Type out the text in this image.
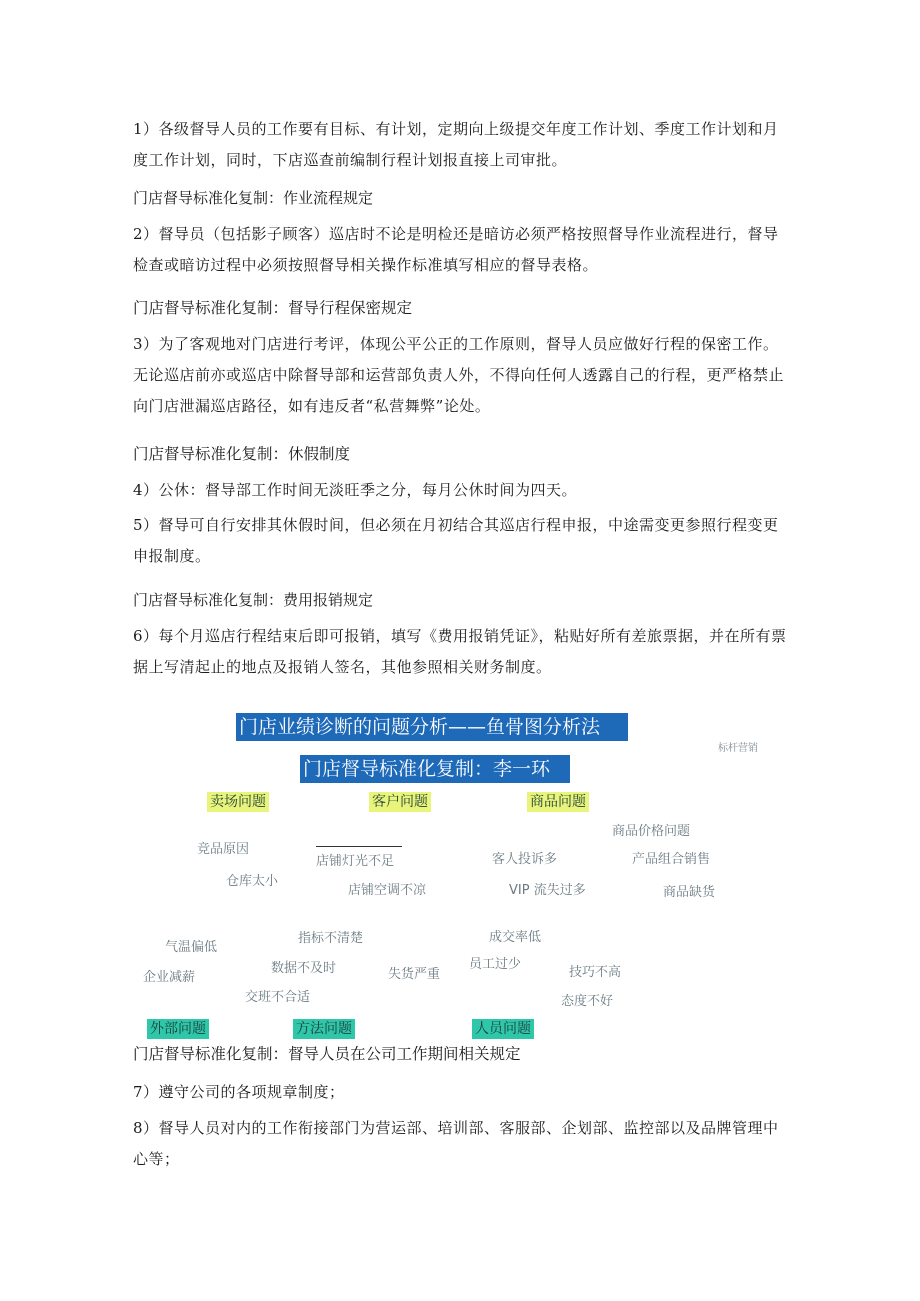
1）各级督导人员的工作要有目标、有计划，定期向上级提交年度工作计划、季度工作计划和月度工作计划，同时，下店巡查前编制行程计划报直接上司审批。

门店督导标准化复制：作业流程规定

2）督导员（包括影子顾客）巡店时不论是明检还是暗访必须严格按照督导作业流程进行，督导检查或暗访过程中必须按照督导相关操作标准填写相应的督导表格。

门店督导标准化复制：督导行程保密规定

3）为了客观地对门店进行考评，体现公平公正的工作原则，督导人员应做好行程的保密工作。无论巡店前亦或巡店中除督导部和运营部负责人外，不得向任何人透露自己的行程，更严格禁止向门店泄漏巡店路径，如有违反者“私营舞弊”论处。

门店督导标准化复制：休假制度

4）公休：督导部工作时间无淡旺季之分，每月公休时间为四天。

5）督导可自行安排其休假时间，但必须在月初结合其巡店行程申报，中途需变更参照行程变更申报制度。

门店督导标准化复制：费用报销规定

6）每个月巡店行程结束后即可报销，填写《费用报销凭证》，粘贴好所有差旅票据，并在所有票据上写清起止的地点及报销人签名，其他参照相关财务制度。

门店业绩诊断的问题分析——鱼骨图分析法
门店督导标准化复制：李一环
标杆营销
卖场问题	客户问题	商品问题
商品价格问题
竞品原因
店铺灯光不足	客人投诉多	产品组合销售
仓库太小
店铺空调不凉	VIP 流失过多	商品缺货
指标不清楚	成交率低
气温偏低
数据不及时	员工过少
失货严重	技巧不高
企业减薪
交班不合适	态度不好
外部问题	方法问题	人员问题

门店督导标准化复制：督导人员在公司工作期间相关规定

7）遵守公司的各项规章制度；

8）督导人员对内的工作衔接部门为营运部、培训部、客服部、企划部、监控部以及品牌管理中心等；
